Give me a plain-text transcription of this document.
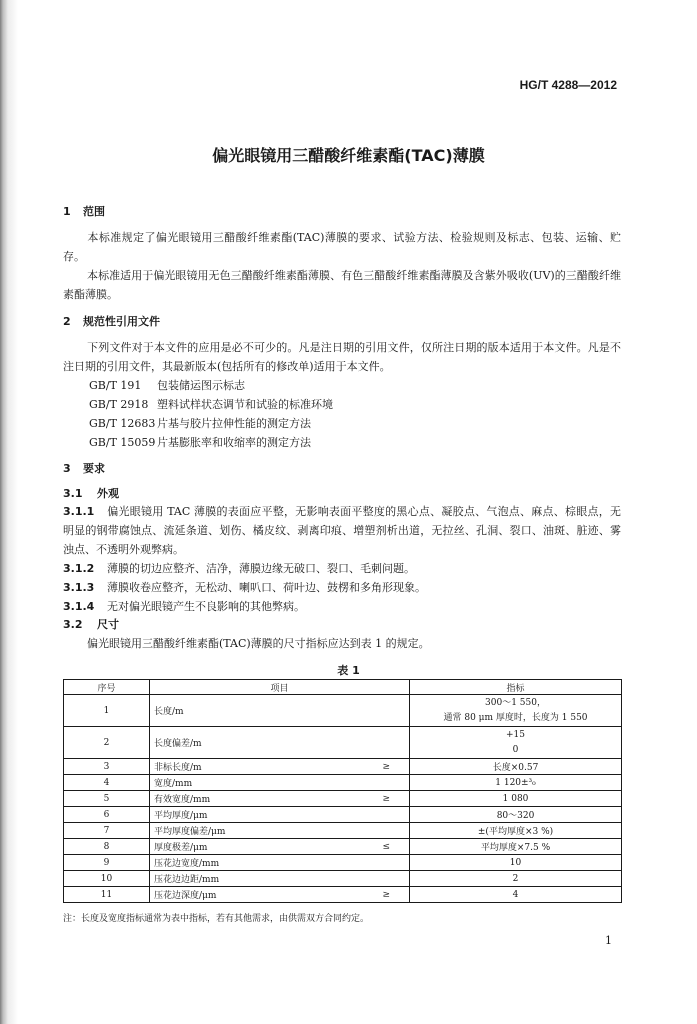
HG/T 4288—2012
偏光眼镜用三醋酸纤维素酯(TAC)薄膜
1 范围
本标准规定了偏光眼镜用三醋酸纤维素酯(TAC)薄膜的要求、试验方法、检验规则及标志、包装、运输、贮存。
本标准适用于偏光眼镜用无色三醋酸纤维素酯薄膜、有色三醋酸纤维素酯薄膜及含紫外吸收(UV)的三醋酸纤维素酯薄膜。
2 规范性引用文件
下列文件对于本文件的应用是必不可少的。凡是注日期的引用文件，仅所注日期的版本适用于本文件。凡是不注日期的引用文件，其最新版本(包括所有的修改单)适用于本文件。
GB/T 191 包装储运图示标志
GB/T 2918 塑料试样状态调节和试验的标准环境
GB/T 12683 片基与胶片拉伸性能的测定方法
GB/T 15059 片基膨胀率和收缩率的测定方法
3 要求
3.1 外观
3.1.1 偏光眼镜用 TAC 薄膜的表面应平整，无影响表面平整度的黑心点、凝胶点、气泡点、麻点、棕眼点，无明显的钢带腐蚀点、流延条道、划伤、橘皮纹、剥离印痕、增塑剂析出道，无拉丝、孔洞、裂口、油斑、脏迹、雾浊点、不透明外观弊病。
3.1.2 薄膜的切边应整齐、洁净，薄膜边缘无破口、裂口、毛刺问题。
3.1.3 薄膜收卷应整齐，无松动、喇叭口、荷叶边、鼓楞和多角形现象。
3.1.4 无对偏光眼镜产生不良影响的其他弊病。
3.2 尺寸
偏光眼镜用三醋酸纤维素酯(TAC)薄膜的尺寸指标应达到表 1 的规定。
表 1
序号	项目		指标
1	长度/m		300～1 550，
通常 80 μm 厚度时，长度为 1 550

2	长度偏差/m		+15
0

3	非标长度/m	≥	长度×0.57
4	宽度/mm		1 120±³₀
5	有效宽度/mm	≥	1 080
6	平均厚度/μm		80～320
7	平均厚度偏差/μm		±(平均厚度×3 %)
8	厚度极差/μm	≤	平均厚度×7.5 %
9	压花边宽度/mm		10
10	压花边边距/mm		2
11	压花边深度/μm	≥	4
注：长度及宽度指标通常为表中指标，若有其他需求，由供需双方合同约定。
1
